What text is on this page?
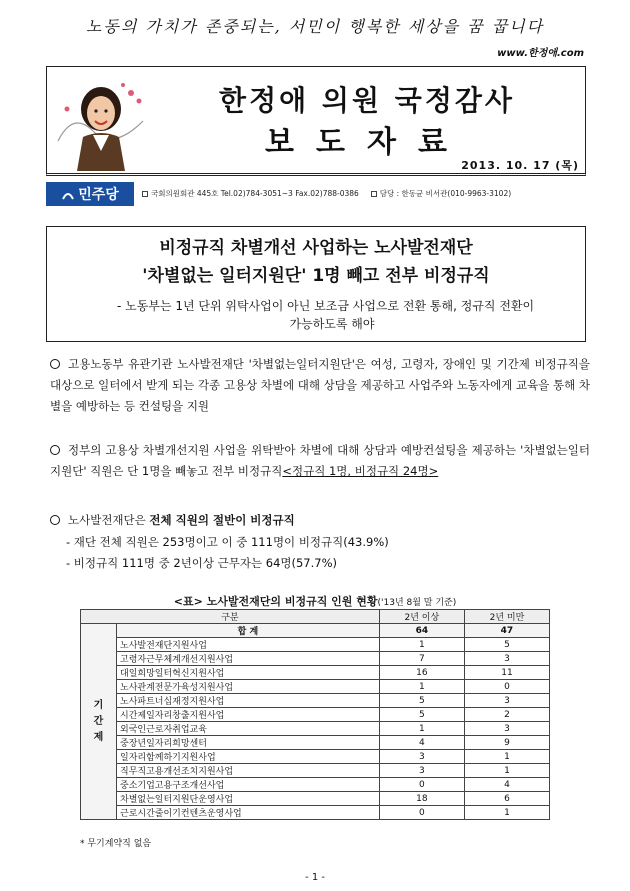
노동의 가치가 존중되는, 서민이 행복한 세상을 꿈 꿉니다
www.한정애.com
한정애 의원 국정감사
보도자료
2013. 10. 17 (목)
민주당	국회의원회관 445호 Tel.02)784-3051~3 Fax.02)788-0386	담당 : 한동균 비서관(010-9963-3102)
비정규직 차별개선 사업하는 노사발전재단
'차별없는 일터지원단' 1명 빼고 전부 비정규직
- 노동부는 1년 단위 위탁사업이 아닌 보조금 사업으로 전환 통해, 정규직 전환이
가능하도록 해야
고용노동부 유관기관 노사발전재단 '차별없는일터지원단'은 여성, 고령자, 장애인 및 기간제 비정규직을 대상으로 일터에서 받게 되는 각종 고용상 차별에 대해 상담을 제공하고 사업주와 노동자에게 교육을 통해 차별을 예방하는 등 컨설팅을 지원
정부의 고용상 차별개선지원 사업을 위탁받아 차별에 대해 상담과 예방컨설팅을 제공하는 '차별없는일터지원단' 직원은 단 1명을 빼놓고 전부 비정규직<정규직 1명, 비정규직 24명>
노사발전재단은 전체 직원의 절반이 비정규직
- 재단 전체 직원은 253명이고 이 중 111명이 비정규직(43.9%)
- 비정규직 111명 중 2년이상 근무자는 64명(57.7%)
<표> 노사발전재단의 비정규직 인원 현황('13년 8월 말 기준)
구분		2년 이상	2년 미만
기
간
제	합 계	64	47
	노사발전재단지원사업	1	5
	고령자근무체계개선지원사업	7	3
	대일희망일터혁신지원사업	16	11
	노사관계전문가육성지원사업	1	0
	노사파트너십재정지원사업	5	3
	시간제일자리창출지원사업	5	2
	외국인근로자취업교육	1	3
	중장년일자리희망센터	4	9
	일자리함께하기지원사업	3	1
	직무직고용개선조치지원사업	3	1
	중소기업고용구조개선사업	0	4
	차별없는일터지원단운영사업	18	6
	근로시간줄이기컨텐츠운영사업	0	1
* 무기계약직 없음
- 1 -
